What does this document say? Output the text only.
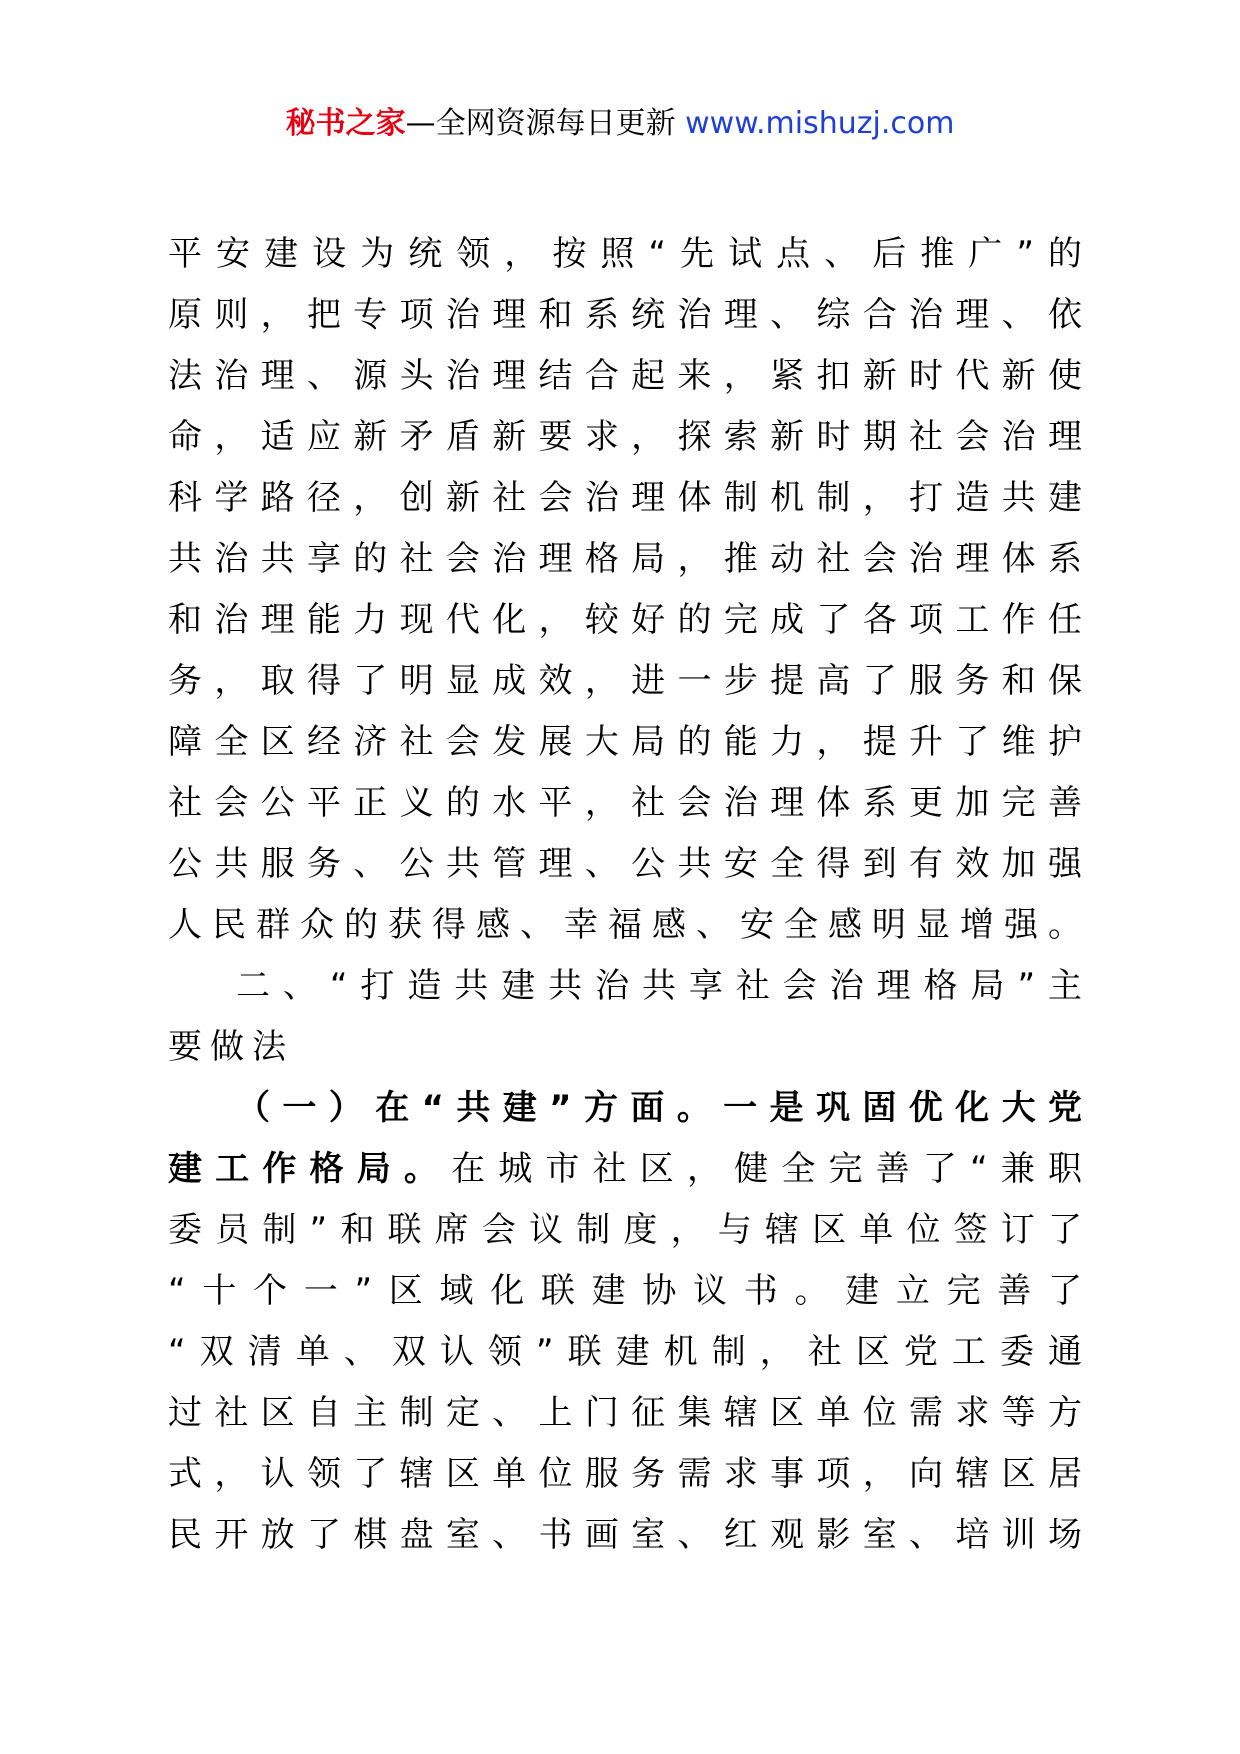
秘书之家—全网资源每日更新 www.mishuzj.com
平安建设为统领，按照“先试点、后推广”的
原则，把专项治理和系统治理、综合治理、依
法治理、源头治理结合起来，紧扣新时代新使
命，适应新矛盾新要求，探索新时期社会治理
科学路径，创新社会治理体制机制，打造共建
共治共享的社会治理格局，推动社会治理体系
和治理能力现代化，较好的完成了各项工作任
务，取得了明显成效，进一步提高了服务和保
障全区经济社会发展大局的能力，提升了维护
社会公平正义的水平，社会治理体系更加完善
公共服务、公共管理、公共安全得到有效加强
人民群众的获得感、幸福感、安全感明显增强。
二、“打造共建共治共享社会治理格局”主
要做法
（一）在“共建”方面。一是巩固优化大党
建工作格局。在城市社区，健全完善了“兼职
委员制”和联席会议制度，与辖区单位签订了
“十个一”区域化联建协议书。建立完善了
“双清单、双认领”联建机制，社区党工委通
过社区自主制定、上门征集辖区单位需求等方
式，认领了辖区单位服务需求事项，向辖区居
民开放了棋盘室、书画室、红观影室、培训场
